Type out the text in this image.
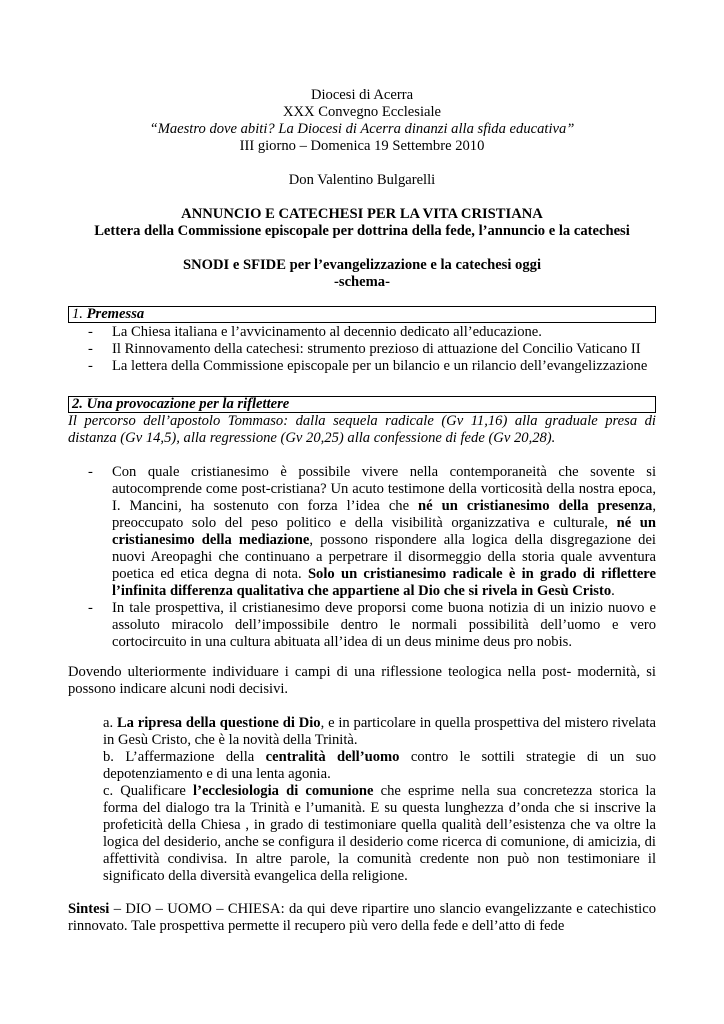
Diocesi di Acerra
XXX Convegno Ecclesiale
“Maestro dove abiti? La Diocesi di Acerra dinanzi alla sfida educativa”
III giorno – Domenica 19 Settembre 2010
Don Valentino Bulgarelli
ANNUNCIO E CATECHESI PER LA VITA CRISTIANA
Lettera della Commissione episcopale per dottrina della fede, l’annuncio e la catechesi
SNODI e SFIDE per l’evangelizzazione e la catechesi oggi
-schema-
1. Premessa
- La Chiesa italiana e l’avvicinamento al decennio dedicato all’educazione.
- Il Rinnovamento della catechesi: strumento prezioso di attuazione del Concilio Vaticano II
- La lettera della Commissione episcopale per un bilancio e un rilancio dell’evangelizzazione
2. Una provocazione per la riflettere
Il percorso dell’apostolo Tommaso: dalla sequela radicale (Gv 11,16) alla graduale presa di distanza (Gv 14,5), alla regressione (Gv 20,25) alla confessione di fede (Gv 20,28).
- Con quale cristianesimo è possibile vivere nella contemporaneità che sovente si autocomprende come post-cristiana? Un acuto testimone della vorticosità della nostra epoca, I. Mancini, ha sostenuto con forza l’idea che né un cristianesimo della presenza, preoccupato solo del peso politico e della visibilità organizzativa e culturale, né un cristianesimo della mediazione, possono rispondere alla logica della disgregazione dei nuovi Areopaghi che continuano a perpetrare il disormeggio della storia quale avventura poetica ed etica degna di nota. Solo un cristianesimo radicale è in grado di riflettere l’infinita differenza qualitativa che appartiene al Dio che si rivela in Gesù Cristo.
- In tale prospettiva, il cristianesimo deve proporsi come buona notizia di un inizio nuovo e assoluto miracolo dell’impossibile dentro le normali possibilità dell’uomo e vero cortocircuito in una cultura abituata all’idea di un deus minime deus pro nobis.
Dovendo ulteriormente individuare i campi di una riflessione teologica nella post- modernità, si possono indicare alcuni nodi decisivi.
a. La ripresa della questione di Dio, e in particolare in quella prospettiva del mistero rivelata in Gesù Cristo, che è la novità della Trinità.
b. L’affermazione della centralità dell’uomo contro le sottili strategie di un suo depotenziamento e di una lenta agonia.
c. Qualificare l’ecclesiologia di comunione che esprime nella sua concretezza storica la forma del dialogo tra la Trinità e l’umanità. E su questa lunghezza d’onda che si inscrive la profeticità della Chiesa , in grado di testimoniare quella qualità dell’esistenza che va oltre la logica del desiderio, anche se configura il desiderio come ricerca di comunione, di amicizia, di affettività condivisa. In altre parole, la comunità credente non può non testimoniare il significato della diversità evangelica della religione.
Sintesi – DIO – UOMO – CHIESA: da qui deve ripartire uno slancio evangelizzante e catechistico rinnovato. Tale prospettiva permette il recupero più vero della fede e dell’atto di fede
